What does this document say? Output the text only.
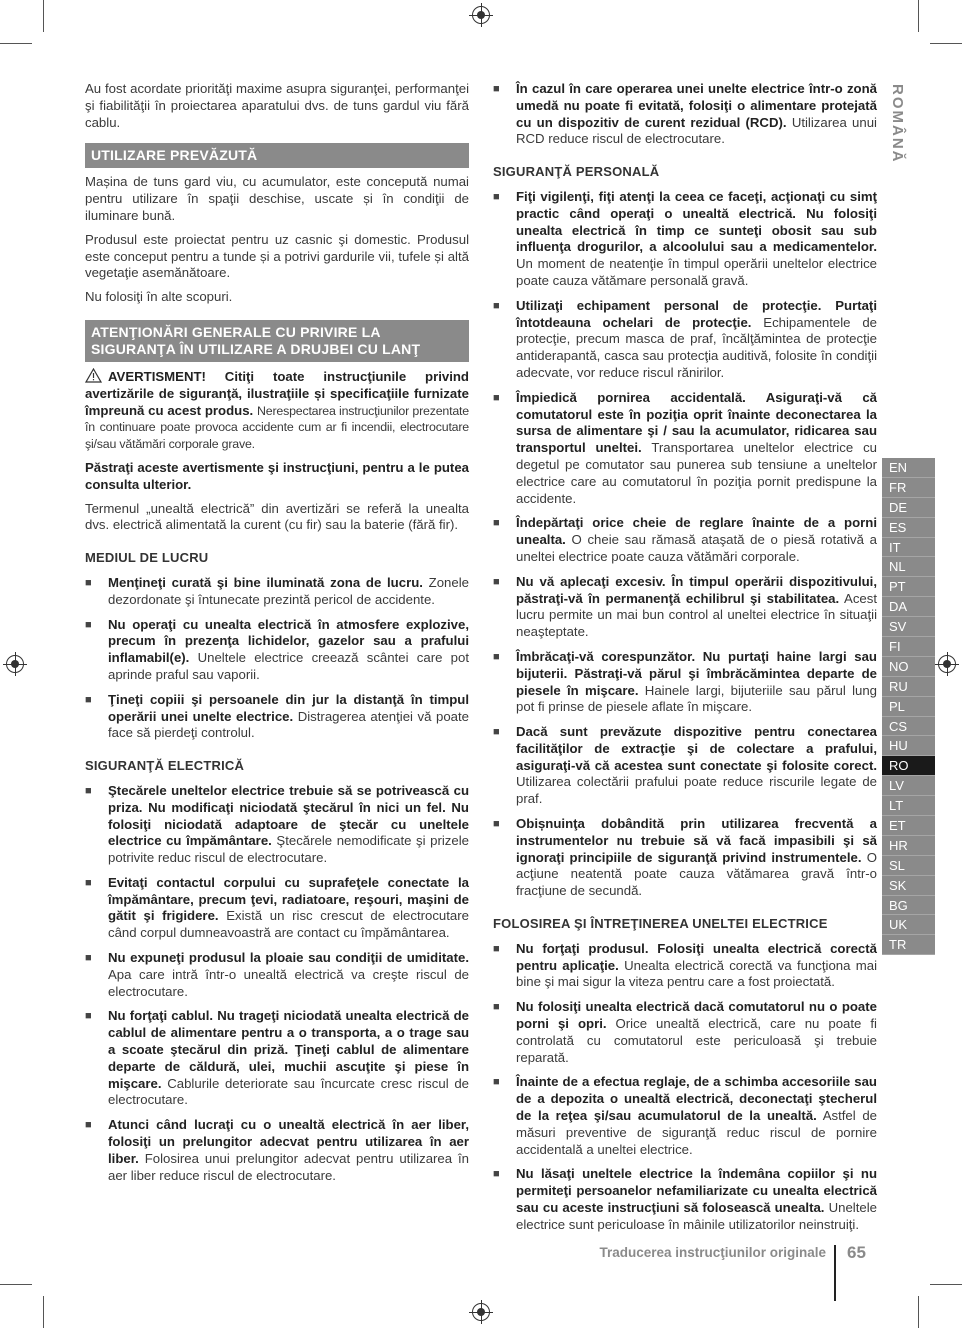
Au fost acordate priorităţi maxime asupra siguranţei, performanţei şi fiabilităţii în proiectarea aparatului dvs. de tuns gardul viu fără cablu.

UTILIZARE PREVĂZUTĂ

Mașina de tuns gard viu, cu acumulator, este concepută numai pentru utilizare în spaţii deschise, uscate și în condiţii de iluminare bună.

Produsul este proiectat pentru uz casnic şi domestic. Produsul este conceput pentru a tunde și a potrivi gardurile vii, tufele și altă vegetaţie asemănătoare.

Nu folosiţi în alte scopuri.

ATENŢIONĂRI GENERALE CU PRIVIRE LA SIGURANŢA ÎN UTILIZARE A DRUJBEI CU LANŢ

AVERTISMENT! Citiţi toate instrucţiunile privind avertizările de siguranţă, ilustraţiile și specificaţiile furnizate împreună cu acest produs. Nerespectarea instrucţiunilor prezentate în continuare poate provoca accidente cum ar fi incendii, electrocutare şi/sau vătămări corporale grave.

Păstraţi aceste avertismente şi instrucţiuni, pentru a le putea consulta ulterior.

Termenul „unealtă electrică” din avertizări se referă la unealta dvs. electrică alimentată la curent (cu fir) sau la baterie (fără fir).

MEDIUL DE LUCRU
■ Menţineţi curată şi bine iluminată zona de lucru. Zonele dezordonate şi întunecate prezintă pericol de accidente.
■ Nu operaţi cu unealta electrică în atmosfere explozive, precum în prezenţa lichidelor, gazelor sau a prafului inflamabil(e). Uneltele electrice creează scântei care pot aprinde praful sau vaporii.
■ Ţineţi copiii şi persoanele din jur la distanţă în timpul operării unei unelte electrice. Distragerea atenţiei vă poate face să pierdeţi controlul.
SIGURANŢĂ ELECTRICĂ
■ Ştecărele uneltelor electrice trebuie să se potrivească cu priza. Nu modificaţi niciodată ştecărul în nici un fel. Nu folosiţi niciodată adaptoare de ştecăr cu uneltele electrice cu împământare. Ştecărele nemodificate şi prizele potrivite reduc riscul de electrocutare.
■ Evitaţi contactul corpului cu suprafeţele conectate la împământare, precum ţevi, radiatoare, reşouri, maşini de gătit şi frigidere. Există un risc crescut de electrocutare când corpul dumneavoastră are contact cu împământarea.
■ Nu expuneţi produsul la ploaie sau condiţii de umiditate. Apa care intră într-o unealtă electrică va creşte riscul de electrocutare.
■ Nu forţaţi cablul. Nu trageţi niciodată unealta electrică de cablul de alimentare pentru a o transporta, a o trage sau a scoate ştecărul din priză. Ţineţi cablul de alimentare departe de căldură, ulei, muchii ascuţite şi piese în mişcare. Cablurile deteriorate sau încurcate cresc riscul de electrocutare.
■ Atunci când lucraţi cu o unealtă electrică în aer liber, folosiţi un prelungitor adecvat pentru utilizarea în aer liber. Folosirea unui prelungitor adecvat pentru utilizarea în aer liber reduce riscul de electrocutare.
■ În cazul în care operarea unei unelte electrice într-o zonă umedă nu poate fi evitată, folosiţi o alimentare protejată cu un dispozitiv de curent rezidual (RCD). Utilizarea unui RCD reduce riscul de electrocutare.
SIGURANŢĂ PERSONALĂ
■ Fiţi vigilenţi, fiţi atenţi la ceea ce faceţi, acţionaţi cu simţ practic când operaţi o unealtă electrică. Nu folosiţi unealta electrică în timp ce sunteţi obosit sau sub influenţa drogurilor, a alcoolului sau a medicamentelor. Un moment de neatenţie în timpul operării uneltelor electrice poate cauza vătămare personală gravă.
■ Utilizaţi echipament personal de protecţie. Purtaţi întotdeauna ochelari de protecţie. Echipamentele de protecţie, precum masca de praf, încălţămintea de protecţie antiderapantă, casca sau protecţia auditivă, folosite în condiţii adecvate, vor reduce riscul rănirilor.
■ Împiedică pornirea accidentală. Asiguraţi-vă că comutatorul este în poziţia oprit înainte deconectarea la sursa de alimentare şi / sau la acumulator, ridicarea sau transportul uneltei. Transportarea uneltelor electrice cu degetul pe comutator sau punerea sub tensiune a uneltelor electrice care au comutatorul în poziţia pornit predispune la accidente.
■ Îndepărtaţi orice cheie de reglare înainte de a porni unealta. O cheie sau rămasă ataşată de o piesă rotativă a uneltei electrice poate cauza vătămări corporale.
■ Nu vă aplecaţi excesiv. În timpul operării dispozitivului, păstraţi-vă în permanenţă echilibrul şi stabilitatea. Acest lucru permite un mai bun control al uneltei electrice în situaţii neaşteptate.
■ Îmbrăcaţi-vă corespunzător. Nu purtaţi haine largi sau bijuterii. Păstraţi-vă părul şi îmbrăcămintea departe de piesele în mişcare. Hainele largi, bijuteriile sau părul lung pot fi prinse de piesele aflate în mişcare.
■ Dacă sunt prevăzute dispozitive pentru conectarea facilităţilor de extracţie şi de colectare a prafului, asiguraţi-vă că acestea sunt conectate şi folosite corect. Utilizarea colectării prafului poate reduce riscurile legate de praf.
■ Obișnuinţa dobândită prin utilizarea frecventă a instrumentelor nu trebuie să vă facă impasibili şi să ignoraţi principiile de siguranţă privind instrumentele. O acţiune neatentă poate cauza vătămarea gravă într-o fracţiune de secundă.
FOLOSIREA ŞI ÎNTREŢINEREA UNELTEI ELECTRICE
■ Nu forţaţi produsul. Folosiţi unealta electrică corectă pentru aplicaţie. Unealta electrică corectă va funcţiona mai bine şi mai sigur la viteza pentru care a fost proiectată.
■ Nu folosiţi unealta electrică dacă comutatorul nu o poate porni şi opri. Orice unealtă electrică, care nu poate fi controlată cu comutatorul este periculoasă şi trebuie reparată.
■ Înainte de a efectua reglaje, de a schimba accesoriile sau de a depozita o unealtă electrică, deconectaţi ştecherul de la reţea şi/sau acumulatorul de la unealtă. Astfel de măsuri preventive de siguranţă reduc riscul de pornire accidentală a uneltei electrice.
■ Nu lăsaţi uneltele electrice la îndemâna copiilor şi nu permiteţi persoanelor nefamiliarizate cu unealta electrică sau cu aceste instrucţiuni să folosească unealta. Uneltele electrice sunt periculoase în mâinile utilizatorilor neinstruiţi.
ROMÂNĂ
EN
FR
DE
ES
IT
NL
PT
DA
SV
FI
NO
RU
PL
CS
HU
RO
LV
LT
ET
HR
SL
SK
BG
UK
TR
Traducerea instrucţiunilor originale 65
